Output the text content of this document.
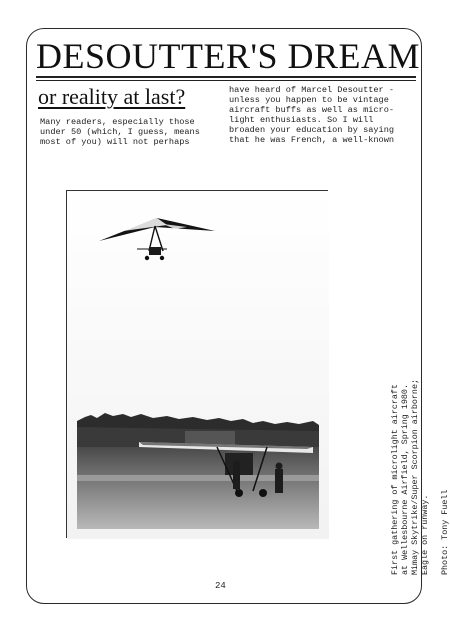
DESOUTTER'S DREAM
or reality at last?
Many readers, especially those
under 50 (which, I guess, means
most of you) will not perhaps
have heard of Marcel Desoutter -
unless you happen to be vintage
aircraft buffs as well as micro-
light enthusiasts. So I will
broaden your education by saying
that he was French, a well-known
First gathering of microlight aircraft at Wellesbourne Airfield, Spring 1980. Mimay Skytrike/Super Scorpion airborne; Eagle on runway. Photo: Tony Fuell
24
